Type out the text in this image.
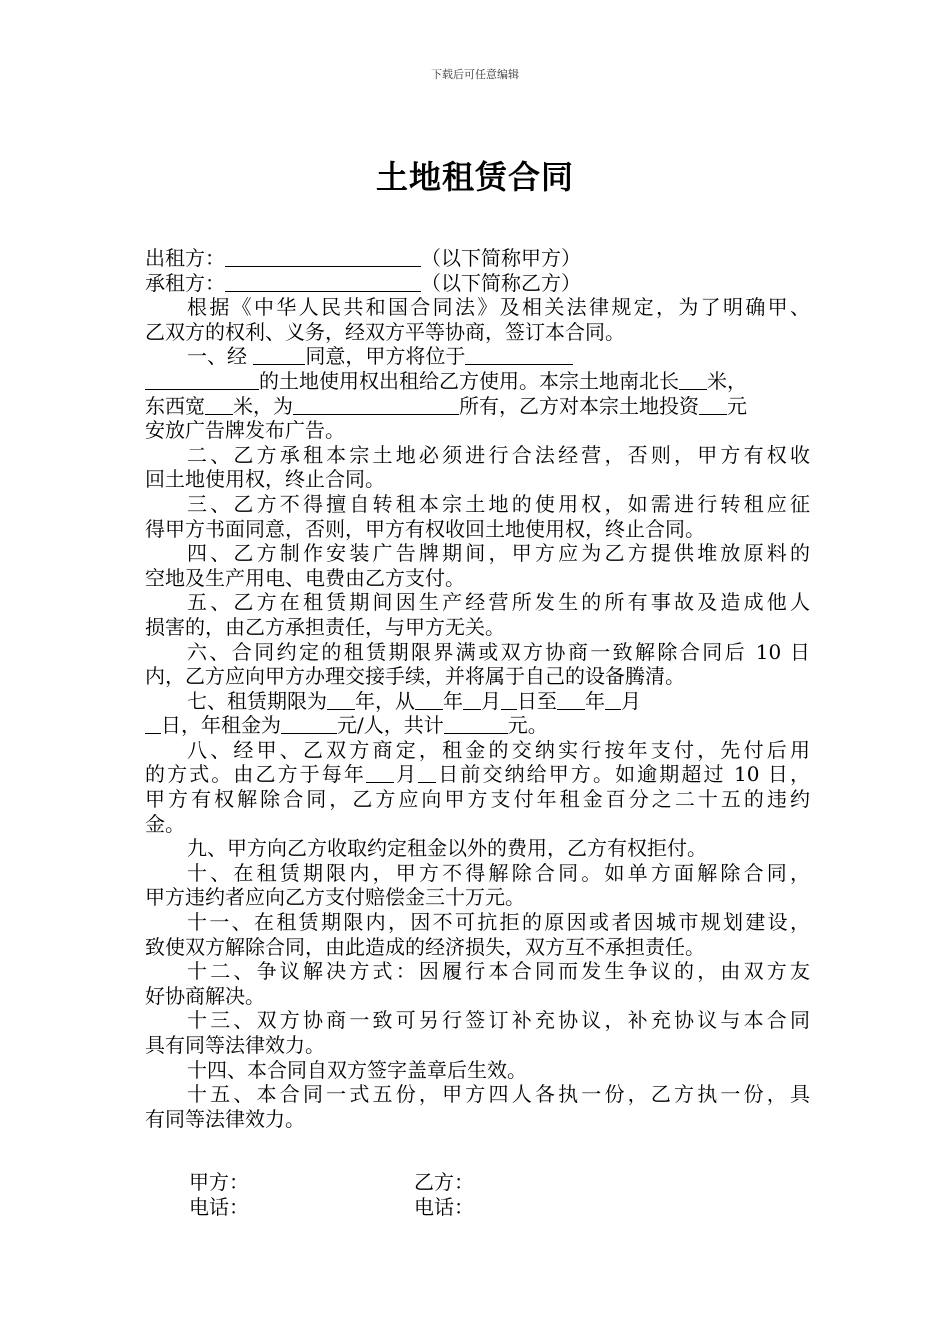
下载后可任意编辑
土地租赁合同
出租方：	（以下简称甲方）
承租方：	（以下简称乙方）
根据《中华人民共和国合同法》及相关法律规定，为了明确甲、
乙双方的权利、义务，经双方平等协商，签订本合同。
一、经	同意，甲方将位于
的土地使用权出租给乙方使用。本宗土地南北长 米，
东西宽 米，为	所有，乙方对本宗土地投资 元
安放广告牌发布广告。
二、乙方承租本宗土地必须进行合法经营，否则，甲方有权收
回土地使用权，终止合同。
三、乙方不得擅自转租本宗土地的使用权，如需进行转租应征
得甲方书面同意，否则，甲方有权收回土地使用权，终止合同。
四、乙方制作安装广告牌期间，甲方应为乙方提供堆放原料的
空地及生产用电、电费由乙方支付。
五、乙方在租赁期间因生产经营所发生的所有事故及造成他人
损害的，由乙方承担责任，与甲方无关。
六、合同约定的租赁期限界满或双方协商一致解除合同后 10 日
内，乙方应向甲方办理交接手续，并将属于自己的设备腾清。
七、租赁期限为 年，从 年 月 日至 年 月
日，年租金为	元/人，共计	元。
八、经甲、乙双方商定，租金的交纳实行按年支付，先付后用
的方式。由乙方于每年 月 日前交纳给甲方。如逾期超过 10 日，
甲方有权解除合同，乙方应向甲方支付年租金百分之二十五的违约
金。
九、甲方向乙方收取约定租金以外的费用，乙方有权拒付。
十、在租赁期限内，甲方不得解除合同。如单方面解除合同，
甲方违约者应向乙方支付赔偿金三十万元。
十一、在租赁期限内，因不可抗拒的原因或者因城市规划建设，
致使双方解除合同，由此造成的经济损失，双方互不承担责任。
十二、争议解决方式：因履行本合同而发生争议的，由双方友
好协商解决。
十三、双方协商一致可另行签订补充协议，补充协议与本合同
具有同等法律效力。
十四、本合同自双方签字盖章后生效。
十五、本合同一式五份，甲方四人各执一份，乙方执一份，具
有同等法律效力。
甲方：	乙方：
电话：	电话：
